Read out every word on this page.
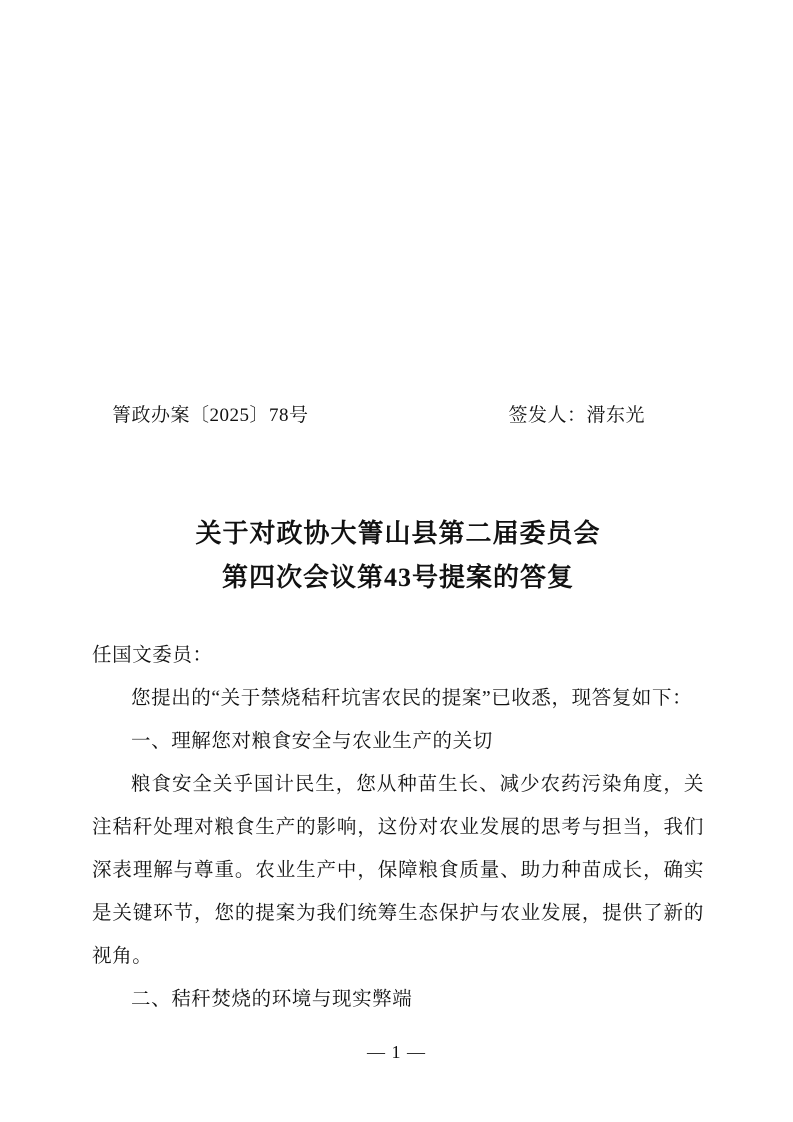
箐政办案〔2025〕78号	签发人：滑东光
关于对政协大箐山县第二届委员会
第四次会议第43号提案的答复

任国文委员：

您提出的“关于禁烧秸秆坑害农民的提案”已收悉，现答复如下：

一、理解您对粮食安全与农业生产的关切

粮食安全关乎国计民生，您从种苗生长、减少农药污染角度，关注秸秆处理对粮食生产的影响，这份对农业发展的思考与担当，我们深表理解与尊重。农业生产中，保障粮食质量、助力种苗成长，确实是关键环节，您的提案为我们统筹生态保护与农业发展，提供了新的视角。

二、秸秆焚烧的环境与现实弊端

— 1 —
